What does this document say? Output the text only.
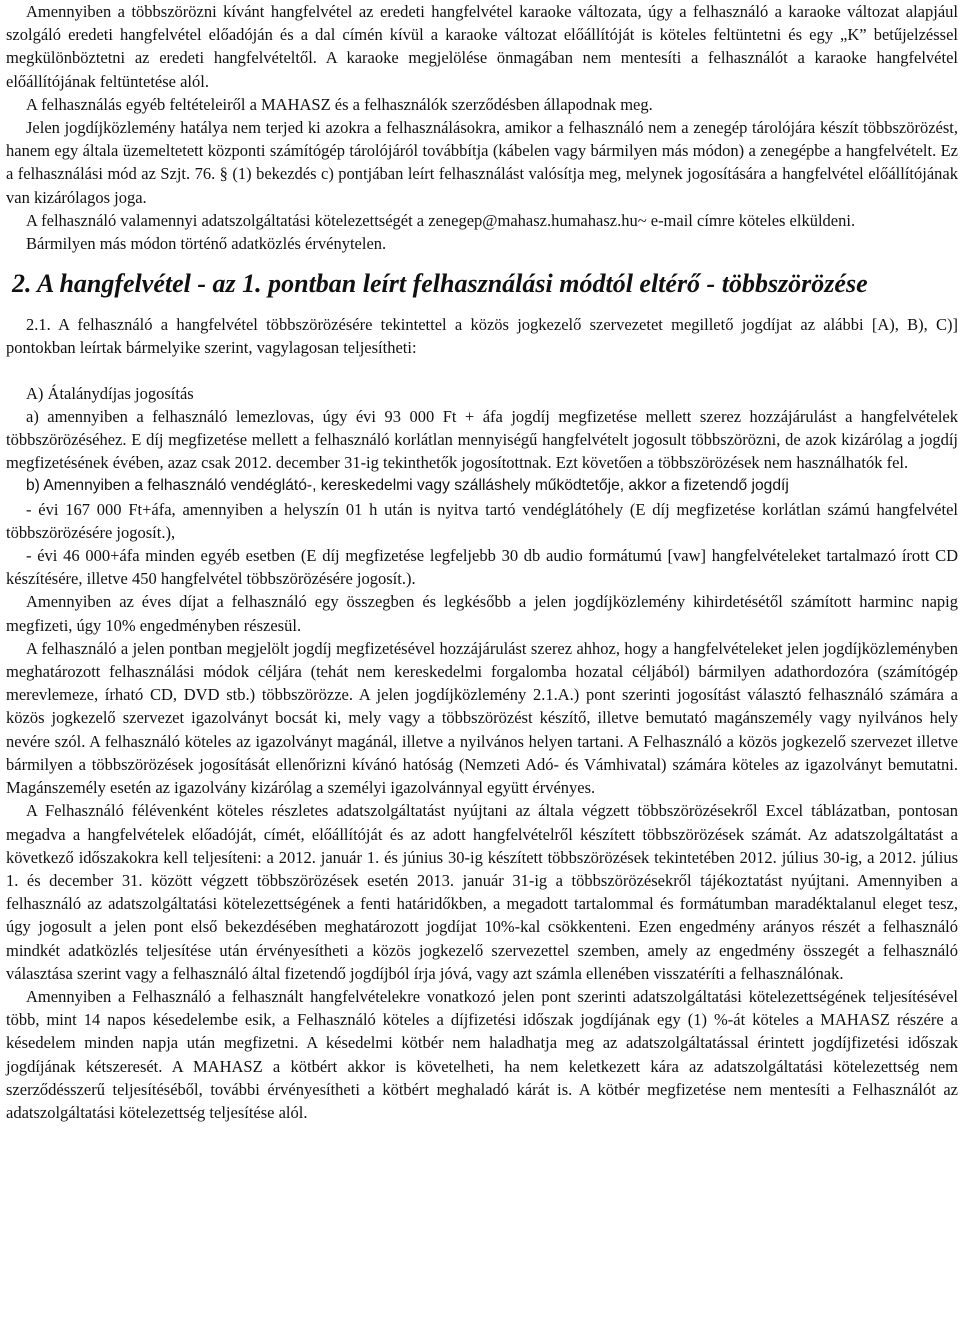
Amennyiben a többszörözni kívánt hangfelvétel az eredeti hangfelvétel karaoke változata, úgy a felhasználó a karaoke változat alapjául szolgáló eredeti hangfelvétel előadóján és a dal címén kívül a karaoke változat előállítóját is köteles feltüntetni és egy „K” betűjelzéssel megkülönböztetni az eredeti hangfelvételtől. A karaoke megjelölése önmagában nem mentesíti a felhasználót a karaoke hangfelvétel előállítójának feltüntetése alól.

A felhasználás egyéb feltételeiről a MAHASZ és a felhasználók szerződésben állapodnak meg.

Jelen jogdíjközlemény hatálya nem terjed ki azokra a felhasználásokra, amikor a felhasználó nem a zenegép tárolójára készít többszörözést, hanem egy általa üzemeltetett központi számítógép tárolójáról továbbítja (kábelen vagy bármilyen más módon) a zenegépbe a hangfelvételt. Ez a felhasználási mód az Szjt. 76. § (1) bekezdés c) pontjában leírt felhasználást valósítja meg, melynek jogosítására a hangfelvétel előállítójának van kizárólagos joga.

A felhasználó valamennyi adatszolgáltatási kötelezettségét a zenegep@mahasz.humahasz.hu~ e-mail címre köteles elküldeni.

Bármilyen más módon történő adatközlés érvénytelen.

2. A hangfelvétel - az 1. pontban leírt felhasználási módtól eltérő - többszörözése

2.1. A felhasználó a hangfelvétel többszörözésére tekintettel a közös jogkezelő szervezetet megillető jogdíjat az alábbi [A), B), C)] pontokban leírtak bármelyike szerint, vagylagosan teljesítheti:

A) Átalánydíjas jogosítás

a) amennyiben a felhasználó lemezlovas, úgy évi 93 000 Ft + áfa jogdíj megfizetése mellett szerez hozzájárulást a hangfelvételek többszörözéséhez. E díj megfizetése mellett a felhasználó korlátlan mennyiségű hangfelvételt jogosult többszörözni, de azok kizárólag a jogdíj megfizetésének évében, azaz csak 2012. december 31-ig tekinthetők jogosítottnak. Ezt követően a többszörözések nem használhatók fel.

b) Amennyiben a felhasználó vendéglátó-, kereskedelmi vagy szálláshely működtetője, akkor a fizetendő jogdíj

- évi 167 000 Ft+áfa, amennyiben a helyszín 01 h után is nyitva tartó vendéglátóhely (E díj megfizetése korlátlan számú hangfelvétel többszörözésére jogosít.),

- évi 46 000+áfa minden egyéb esetben (E díj megfizetése legfeljebb 30 db audio formátumú [vaw] hangfelvételeket tartalmazó írott CD készítésére, illetve 450 hangfelvétel többszörözésére jogosít.).

Amennyiben az éves díjat a felhasználó egy összegben és legkésőbb a jelen jogdíjközlemény kihirdetésétől számított harminc napig megfizeti, úgy 10% engedményben részesül.

A felhasználó a jelen pontban megjelölt jogdíj megfizetésével hozzájárulást szerez ahhoz, hogy a hangfelvételeket jelen jogdíjközleményben meghatározott felhasználási módok céljára (tehát nem kereskedelmi forgalomba hozatal céljából) bármilyen adathordozóra (számítógép merevlemeze, írható CD, DVD stb.) többszörözze. A jelen jogdíjközlemény 2.1.A.) pont szerinti jogosítást választó felhasználó számára a közös jogkezelő szervezet igazolványt bocsát ki, mely vagy a többszörözést készítő, illetve bemutató magánszemély vagy nyilvános hely nevére szól. A felhasználó köteles az igazolványt magánál, illetve a nyilvános helyen tartani. A Felhasználó a közös jogkezelő szervezet illetve bármilyen a többszörözések jogosítását ellenőrizni kívánó hatóság (Nemzeti Adó- és Vámhivatal) számára köteles az igazolványt bemutatni. Magánszemély esetén az igazolvány kizárólag a személyi igazolvánnyal együtt érvényes.

A Felhasználó félévenként köteles részletes adatszolgáltatást nyújtani az általa végzett többszörözésekről Excel táblázatban, pontosan megadva a hangfelvételek előadóját, címét, előállítóját és az adott hangfelvételről készített többszörözések számát. Az adatszolgáltatást a következő időszakokra kell teljesíteni: a 2012. január 1. és június 30-ig készített többszörözések tekintetében 2012. július 30-ig, a 2012. július 1. és december 31. között végzett többszörözések esetén 2013. január 31-ig a többszörözésekről tájékoztatást nyújtani. Amennyiben a felhasználó az adatszolgáltatási kötelezettségének a fenti határidőkben, a megadott tartalommal és formátumban maradéktalanul eleget tesz, úgy jogosult a jelen pont első bekezdésében meghatározott jogdíjat 10%-kal csökkenteni. Ezen engedmény arányos részét a felhasználó mindkét adatközlés teljesítése után érvényesítheti a közös jogkezelő szervezettel szemben, amely az engedmény összegét a felhasználó választása szerint vagy a felhasználó által fizetendő jogdíjból írja jóvá, vagy azt számla ellenében visszatéríti a felhasználónak.

Amennyiben a Felhasználó a felhasznált hangfelvételekre vonatkozó jelen pont szerinti adatszolgáltatási kötelezettségének teljesítésével több, mint 14 napos késedelembe esik, a Felhasználó köteles a díjfizetési időszak jogdíjának egy (1) %-át köteles a MAHASZ részére a késedelem minden napja után megfizetni. A késedelmi kötbér nem haladhatja meg az adatszolgáltatással érintett jogdíjfizetési időszak jogdíjának kétszeresét. A MAHASZ a kötbért akkor is követelheti, ha nem keletkezett kára az adatszolgáltatási kötelezettség nem szerződésszerű teljesítéséből, további érvényesítheti a kötbért meghaladó kárát is. A kötbér megfizetése nem mentesíti a Felhasználót az adatszolgáltatási kötelezettség teljesítése alól.
